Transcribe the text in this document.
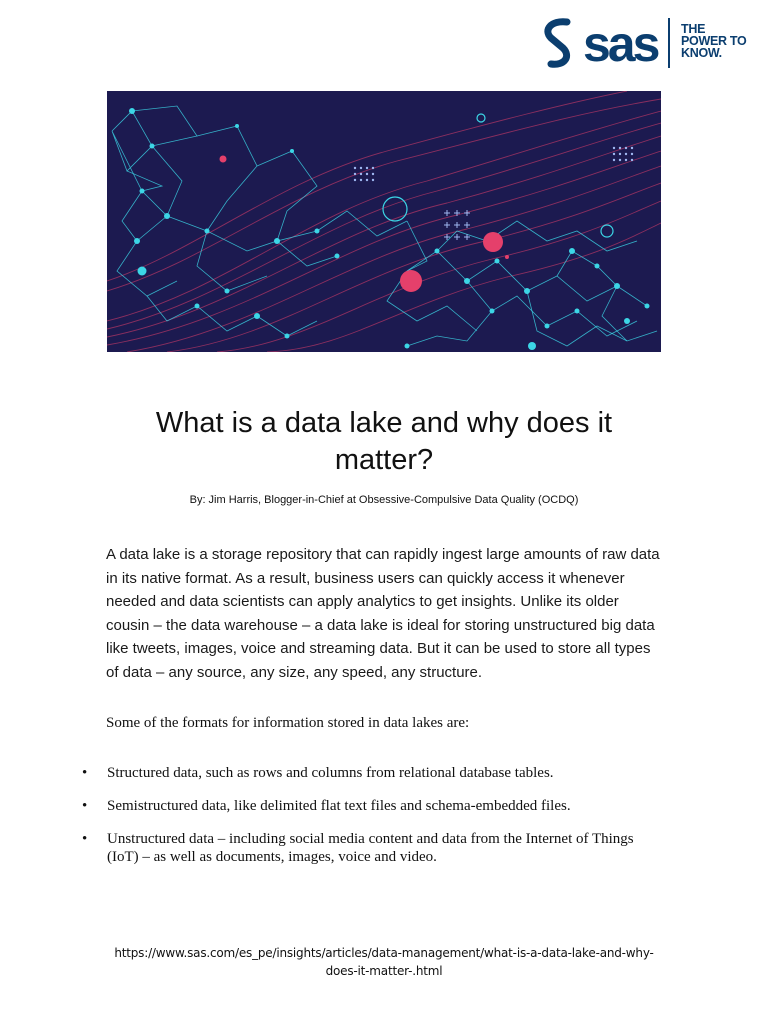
sas THE POWER TO KNOW.
What is a data lake and why does it matter?
By: Jim Harris, Blogger-in-Chief at Obsessive-Compulsive Data Quality (OCDQ)

A data lake is a storage repository that can rapidly ingest large amounts of raw data in its native format. As a result, business users can quickly access it whenever needed and data scientists can apply analytics to get insights. Unlike its older cousin – the data warehouse – a data lake is ideal for storing unstructured big data like tweets, images, voice and streaming data. But it can be used to store all types of data – any source, any size, any speed, any structure.

Some of the formats for information stored in data lakes are:

• Structured data, such as rows and columns from relational database tables.
• Semistructured data, like delimited flat text files and schema-embedded files.
• Unstructured data – including social media content and data from the Internet of Things (IoT) – as well as documents, images, voice and video.
https://www.sas.com/es_pe/insights/articles/data-management/what-is-a-data-lake-and-why-does-it-matter-.html
